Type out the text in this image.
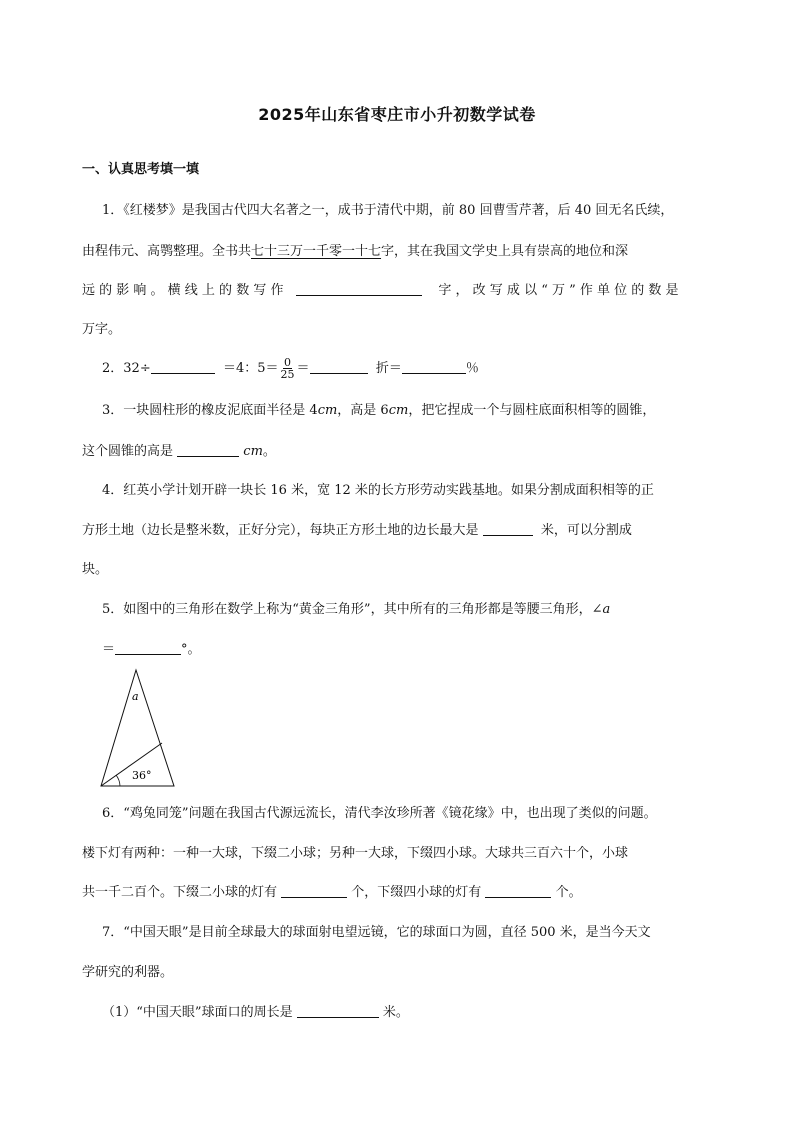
2025年山东省枣庄市小升初数学试卷
一、认真思考填一填
1．《红楼梦》是我国古代四大名著之一，成书于清代中期，前 80 回曹雪芹著，后 40 回无名氏续，
由程伟元、高鹗整理。全书共七十三万一千零一十七字，其在我国文学史上具有崇高的地位和深
远 的 影 响 。 横 线 上 的 数 写 作	字 ， 改 写 成 以 “ 万 ” 作 单 位 的 数 是
万字。
2．32÷	＝4：$5= \frac{0}{25}$ ＝	折＝	％
3．一块圆柱形的橡皮泥底面半径是 4cm，高是 6cm，把它捏成一个与圆柱底面积相等的圆锥，
这个圆锥的高是	cm。
4．红英小学计划开辟一块长 16 米，宽 12 米的长方形劳动实践基地。如果分割成面积相等的正
方形土地（边长是整米数，正好分完），每块正方形土地的边长最大是	米，可以分割成
块。
5．如图中的三角形在数学上称为“黄金三角形”，其中所有的三角形都是等腰三角形，∠a
＝	°。
a
36°
6．“鸡兔同笼”问题在我国古代源远流长，清代李汝珍所著《镜花缘》中，也出现了类似的问题。
楼下灯有两种：一种一大球，下缀二小球；另种一大球，下缀四小球。大球共三百六十个，小球
共一千二百个。下缀二小球的灯有	个，下缀四小球的灯有	个。
7．“中国天眼”是目前全球最大的球面射电望远镜，它的球面口为圆，直径 500 米，是当今天文
学研究的利器。
（1）“中国天眼”球面口的周长是	米。
